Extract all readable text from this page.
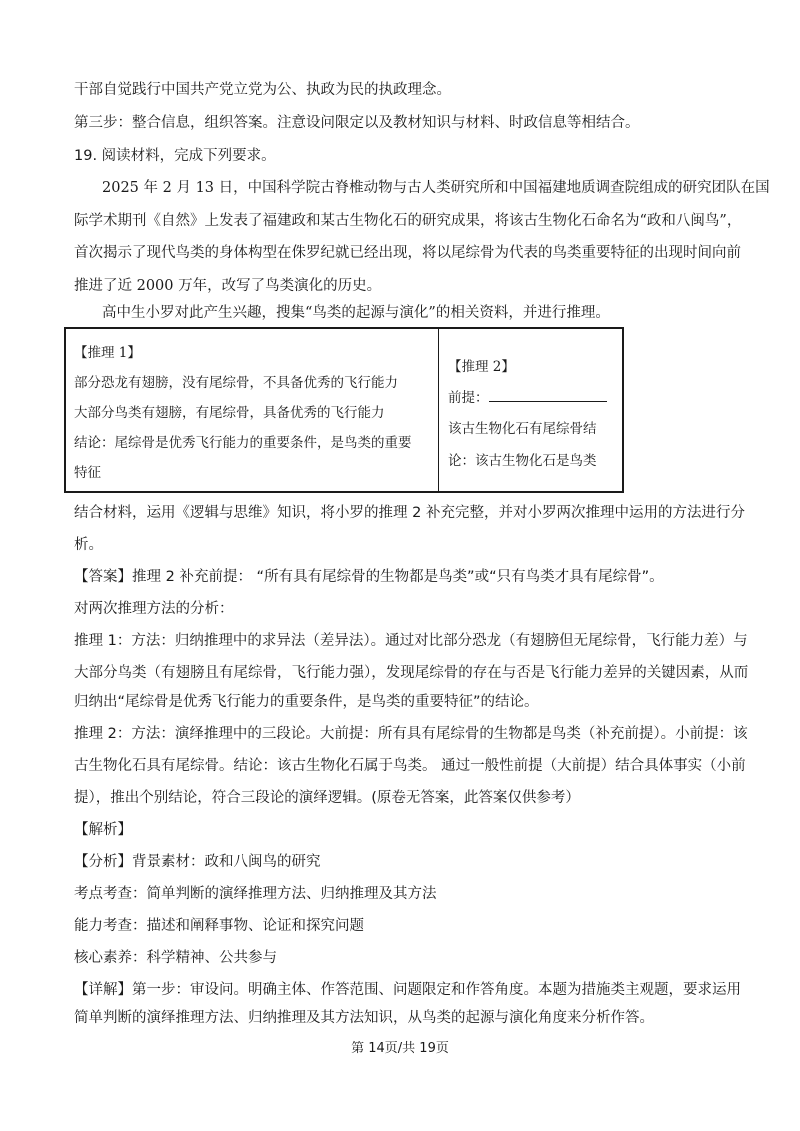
干部自觉践行中国共产党立党为公、执政为民的执政理念。
第三步：整合信息，组织答案。注意设问限定以及教材知识与材料、时政信息等相结合。
19. 阅读材料，完成下列要求。
2025 年 2 月 13 日，中国科学院古脊椎动物与古人类研究所和中国福建地质调查院组成的研究团队在国
际学术期刊《自然》上发表了福建政和某古生物化石的研究成果，将该古生物化石命名为“政和八闽鸟”，
首次揭示了现代鸟类的身体构型在侏罗纪就已经出现，将以尾综骨为代表的鸟类重要特征的出现时间向前
推进了近 2000 万年，改写了鸟类演化的历史。
高中生小罗对此产生兴趣，搜集“鸟类的起源与演化”的相关资料，并进行推理。
【推理 1】
部分恐龙有翅膀，没有尾综骨，不具备优秀的飞行能力
大部分鸟类有翅膀，有尾综骨，具备优秀的飞行能力
结论：尾综骨是优秀飞行能力的重要条件，是鸟类的重要
特征
【推理 2】
前提：
该古生物化石有尾综骨结
论：该古生物化石是鸟类
结合材料，运用《逻辑与思维》知识，将小罗的推理 2 补充完整，并对小罗两次推理中运用的方法进行分
析。
【答案】推理 2 补充前提： “所有具有尾综骨的生物都是鸟类”或“只有鸟类才具有尾综骨”。
对两次推理方法的分析：
推理 1：方法：归纳推理中的求异法（差异法）。通过对比部分恐龙（有翅膀但无尾综骨，飞行能力差）与
大部分鸟类（有翅膀且有尾综骨，飞行能力强），发现尾综骨的存在与否是飞行能力差异的关键因素，从而
归纳出“尾综骨是优秀飞行能力的重要条件，是鸟类的重要特征”的结论。
推理 2：方法：演绎推理中的三段论。大前提：所有具有尾综骨的生物都是鸟类（补充前提）。小前提：该
古生物化石具有尾综骨。结论：该古生物化石属于鸟类。 通过一般性前提（大前提）结合具体事实（小前
提），推出个别结论，符合三段论的演绎逻辑。(原卷无答案，此答案仅供参考）
【解析】
【分析】背景素材：政和八闽鸟的研究
考点考查：简单判断的演绎推理方法、归纳推理及其方法
能力考查：描述和阐释事物、论证和探究问题
核心素养：科学精神、公共参与
【详解】第一步：审设问。明确主体、作答范围、问题限定和作答角度。本题为措施类主观题，要求运用
简单判断的演绎推理方法、归纳推理及其方法知识，从鸟类的起源与演化角度来分析作答。
第 14页/共 19页
